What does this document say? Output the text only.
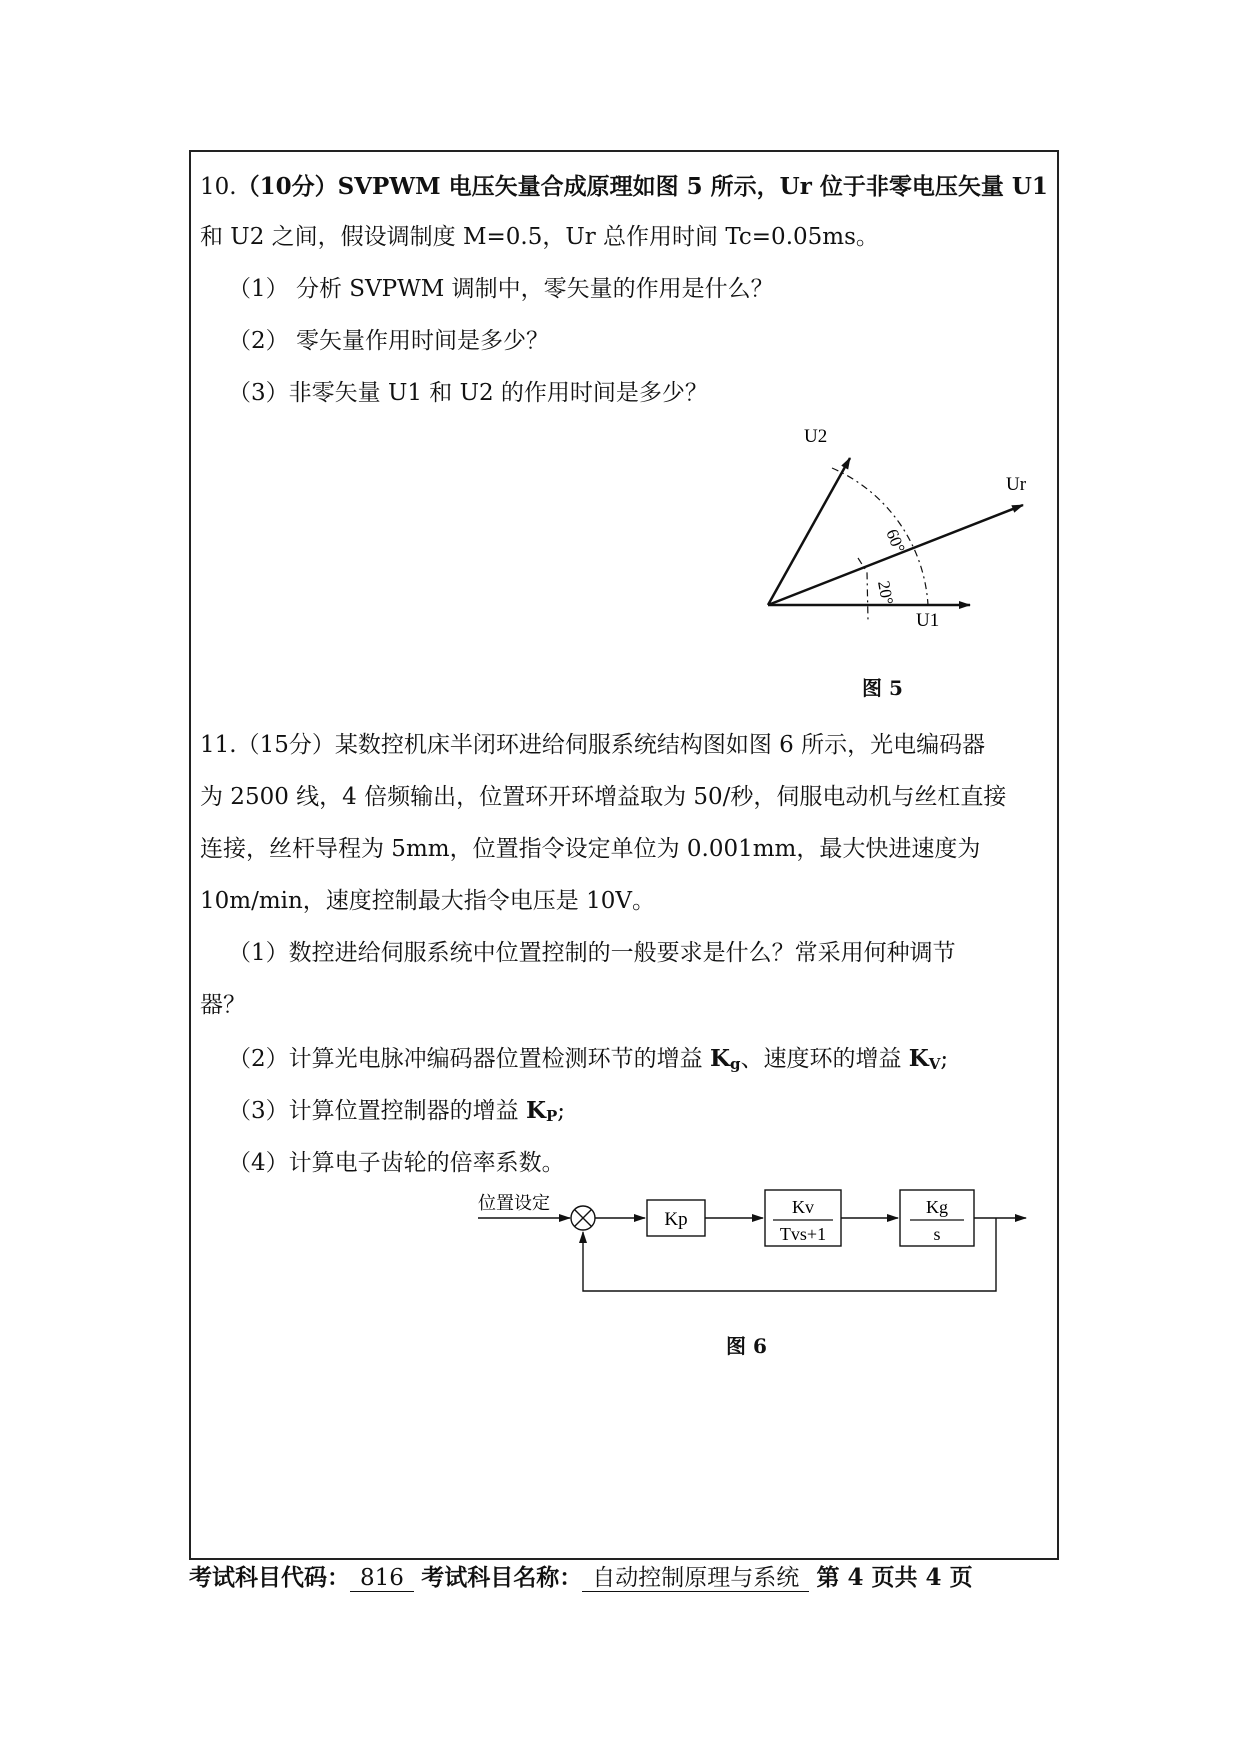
10.（10分）SVPWM 电压矢量合成原理如图 5 所示，Ur 位于非零电压矢量 U1
和 U2 之间，假设调制度 M=0.5，Ur 总作用时间 Tc=0.05ms。
（1） 分析 SVPWM 调制中，零矢量的作用是什么？
（2） 零矢量作用时间是多少？
（3）非零矢量 U1 和 U2 的作用时间是多少？
U2
Ur
U1
60°
20°
图 5
11.（15分）某数控机床半闭环进给伺服系统结构图如图 6 所示，光电编码器
为 2500 线，4 倍频输出，位置环开环增益取为 50/秒，伺服电动机与丝杠直接
连接，丝杆导程为 5mm，位置指令设定单位为 0.001mm，最大快进速度为
10m/min，速度控制最大指令电压是 10V。
（1）数控进给伺服系统中位置控制的一般要求是什么？常采用何种调节
器？
（2）计算光电脉冲编码器位置检测环节的增益 $K_g$、速度环的增益 $K_V$;
（3）计算位置控制器的增益 $K_P$;
（4）计算电子齿轮的倍率系数。
位置设定
Kp
Kv
Tvs+1
Kg
s
图 6
考试科目代码： 816 考试科目名称： 自动控制原理与系统 第 4 页共 4 页
